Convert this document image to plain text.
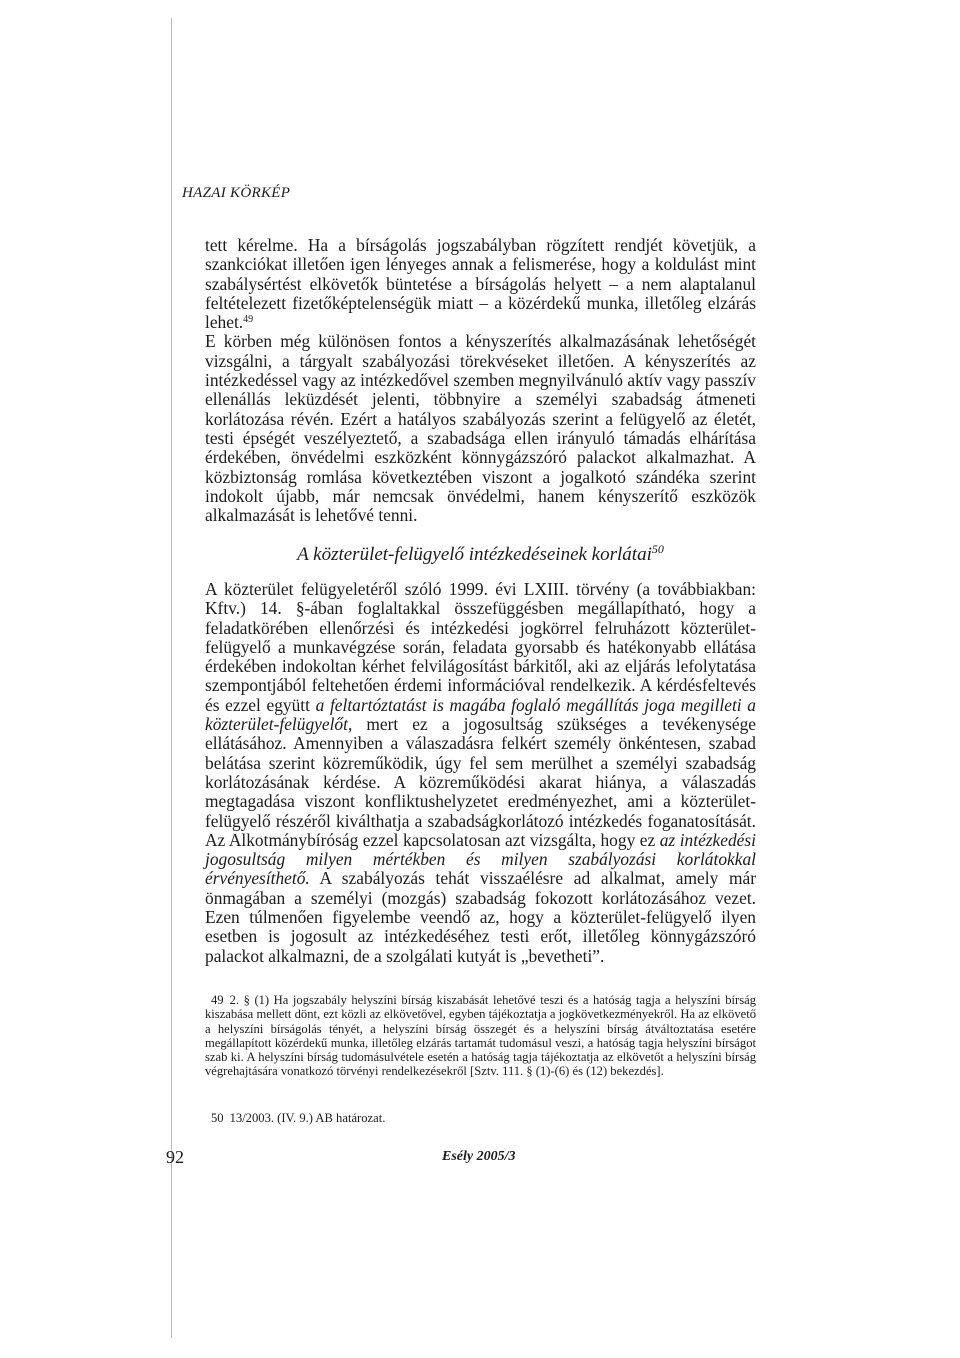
HAZAI KÖRKÉP

tett kérelme. Ha a bírságolás jogszabályban rögzített rendjét követjük, a szankciókat illetően igen lényeges annak a felismerése, hogy a koldulást mint szabálysértést elkövetők büntetése a bírságolás helyett – a nem alaptalanul feltételezett fizetőképtelenségük miatt – a közérdekű munka, illetőleg elzárás lehet.$^{49}$

E körben még különösen fontos a kényszerítés alkalmazásának lehetőségét vizsgálni, a tárgyalt szabályozási törekvéseket illetően. A kényszerítés az intézkedéssel vagy az intézkedővel szemben megnyilvánuló aktív vagy passzív ellenállás leküzdését jelenti, többnyire a személyi szabadság átmeneti korlátozása révén. Ezért a hatályos szabályozás szerint a felügyelő az életét, testi épségét veszélyeztető, a szabadsága ellen irányuló támadás elhárítása érdekében, önvédelmi eszközként könnygázszóró palackot alkalmazhat. A közbiztonság romlása következtében viszont a jogalkotó szándéka szerint indokolt újabb, már nemcsak önvédelmi, hanem kényszerítő eszközök alkalmazását is lehetővé tenni.

A közterület-felügyelő intézkedéseinek korlátai$^{50}$

A közterület felügyeletéről szóló 1999. évi LXIII. törvény (a továbbiakban: Kftv.) 14. §-ában foglaltakkal összefüggésben megállapítható, hogy a feladatkörében ellenőrzési és intézkedési jogkörrel felruházott közterület-felügyelő a munkavégzése során, feladata gyorsabb és hatékonyabb ellátása érdekében indokoltan kérhet felvilágosítást bárkitől, aki az eljárás lefolytatása szempontjából feltehetően érdemi információval rendelkezik. A kérdésfeltevés és ezzel együtt a feltartóztatást is magába foglaló megállítás joga megilleti a közterület-felügyelőt, mert ez a jogosultság szükséges a tevékenysége ellátásához. Amennyiben a válaszadásra felkért személy önkéntesen, szabad belátása szerint közreműködik, úgy fel sem merülhet a személyi szabadság korlátozásának kérdése. A közreműködési akarat hiánya, a válaszadás megtagadása viszont konfliktushelyzetet eredményezhet, ami a közterület-felügyelő részéről kiválthatja a szabadságkorlátozó intézkedés foganatosítását. Az Alkotmánybíróság ezzel kapcsolatosan azt vizsgálta, hogy ez az intézkedési jogosultság milyen mértékben és milyen szabályozási korlátokkal érvényesíthető. A szabályozás tehát visszaélésre ad alkalmat, amely már önmagában a személyi (mozgás) szabadság fokozott korlátozásához vezet. Ezen túlmenően figyelembe veendő az, hogy a közterület-felügyelő ilyen esetben is jogosult az intézkedéséhez testi erőt, illetőleg könnygázszóró palackot alkalmazni, de a szolgálati kutyát is „bevetheti”.

49 2. § (1) Ha jogszabály helyszíni bírság kiszabását lehetővé teszi és a hatóság tagja a helyszíni bírság kiszabása mellett dönt, ezt közli az elkövetővel, egyben tájékoztatja a jogkövetkezményekről. Ha az elkövető a helyszíni bírságolás tényét, a helyszíni bírság összegét és a helyszíni bírság átváltoztatása esetére megállapított közérdekű munka, illetőleg elzárás tartamát tudomásul veszi, a hatóság tagja helyszíni bírságot szab ki. A helyszíni bírság tudomásulvétele esetén a hatóság tagja tájékoztatja az elkövetőt a helyszíni bírság végrehajtására vonatkozó törvényi rendelkezésekről [Sztv. 111. § (1)-(6) és (12) bekezdés].
50 13/2003. (IV. 9.) AB határozat.
92	Esély 2005/3
